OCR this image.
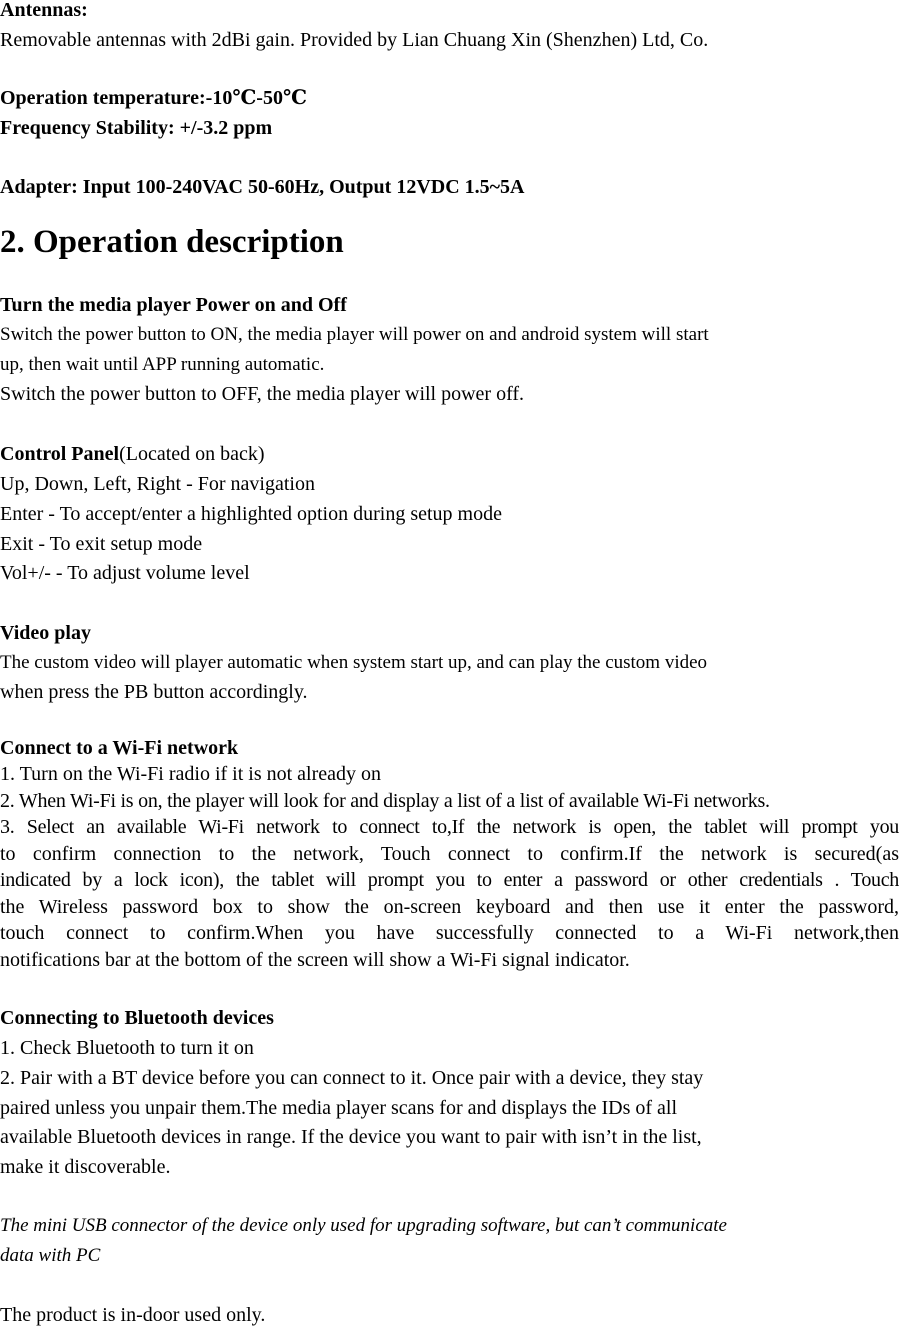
Antennas:
Removable antennas with 2dBi gain. Provided by Lian Chuang Xin (Shenzhen) Ltd, Co.
Operation temperature:-10℃-50℃
Frequency Stability: +/-3.2 ppm
Adapter: Input 100-240VAC 50-60Hz, Output 12VDC 1.5~5A
2. Operation description
Turn the media player Power on and Off
Switch the power button to ON, the media player will power on and android system will start
up, then wait until APP running automatic.
Switch the power button to OFF, the media player will power off.
Control Panel(Located on back)
Up, Down, Left, Right - For navigation
Enter - To accept/enter a highlighted option during setup mode
Exit - To exit setup mode
Vol+/- - To adjust volume level
Video play
The custom video will player automatic when system start up, and can play the custom video
when press the PB button accordingly.
Connect to a Wi-Fi network
1. Turn on the Wi-Fi radio if it is not already on
2. When Wi-Fi is on, the player will look for and display a list of a list of available Wi-Fi networks.
3. Select an available Wi-Fi network to connect to,If the network is open, the tablet will prompt you
to confirm connection to the network, Touch connect to confirm.If the network is secured(as
indicated by a lock icon), the tablet will prompt you to enter a password or other credentials . Touch
the Wireless password box to show the on-screen keyboard and then use it enter the password,
touch connect to confirm.When you have successfully connected to a Wi-Fi network,then
notifications bar at the bottom of the screen will show a Wi-Fi signal indicator.
Connecting to Bluetooth devices
1. Check Bluetooth to turn it on
2. Pair with a BT device before you can connect to it. Once pair with a device, they stay
paired unless you unpair them.The media player scans for and displays the IDs of all
available Bluetooth devices in range. If the device you want to pair with isn’t in the list,
make it discoverable.
The mini USB connector of the device only used for upgrading software, but can’t communicate
data with PC
The product is in-door used only.
